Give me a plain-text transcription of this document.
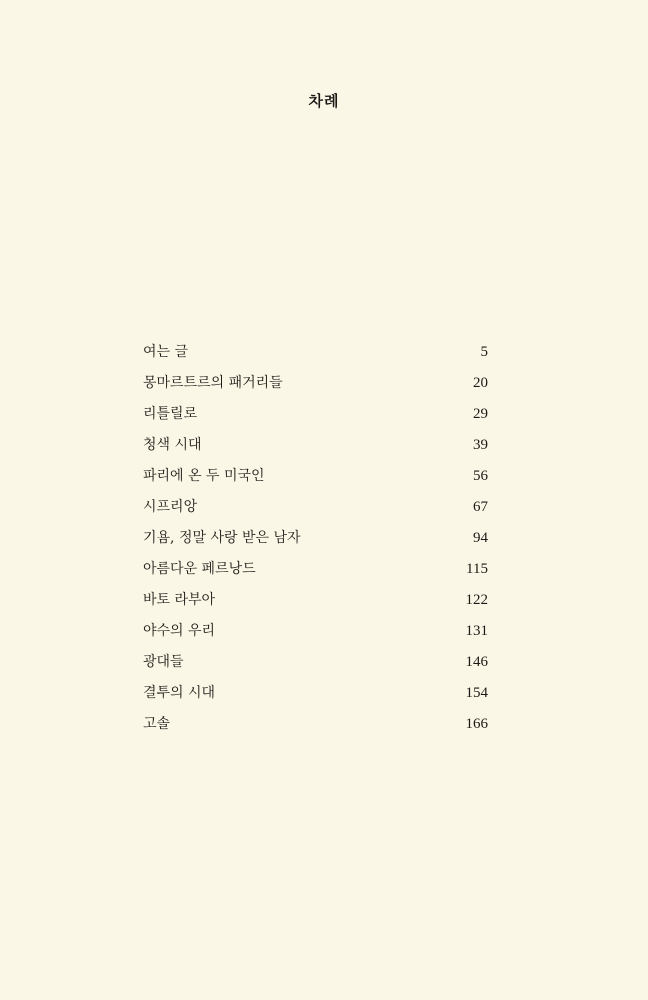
차례
여는 글	5
몽마르트르의 패거리들	20
리틀릴로	29
청색 시대	39
파리에 온 두 미국인	56
시프리앙	67
기욤, 정말 사랑 받은 남자	94
아름다운 페르낭드	115
바토 라부아	122
야수의 우리	131
광대들	146
결투의 시대	154
고솔	166
